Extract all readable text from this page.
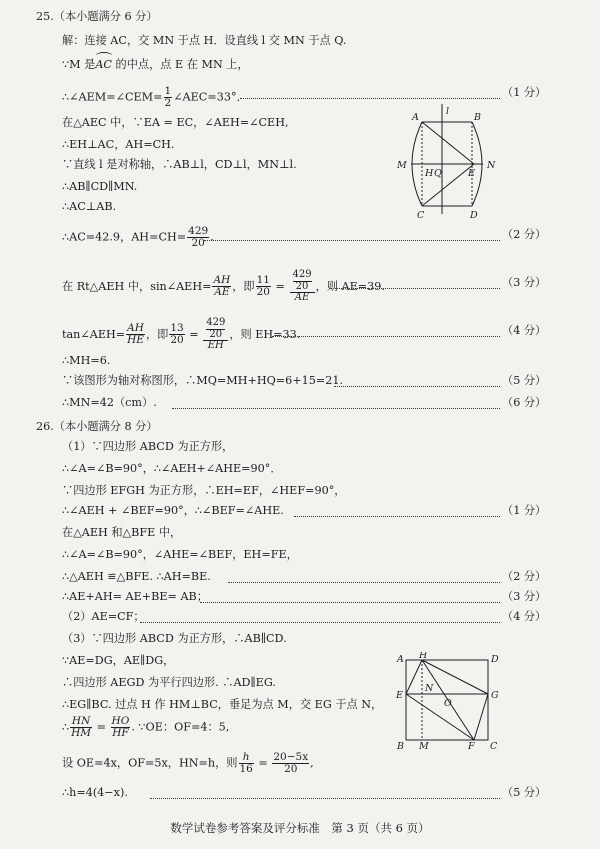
25.（本小题满分 6 分）
解：连接 AC，交 MN 于点 H．设直线 l 交 MN 于点 Q.
∵M 是
AC 的中点，点 E 在 MN 上，
∴∠AEM=∠CEM= $\frac{1}{2}$ ∠AEC=33°．	（1 分）
在△AEC 中，∵EA = EC，∠AEH=∠CEH,
∴EH⊥AC，AH=CH.
∵直线 l 是对称轴，∴AB⊥l，CD⊥l，MN⊥l.
∴AB∥CD∥MN.
∴AC⊥AB.
l
A	B
M
H Q	E
N
C	D
∴AC=42.9，$AH=CH= \frac{429}{20}$ .	（2 分）
在 Rt△AEH 中，sin∠AEH= $\frac{AH}{AE}$ ，即 $\frac{11}{20} = 429$
20
AE，则 AE=39.	（3 分）
tan∠AEH= $\frac{AH}{HE}$ ，即 $\frac{13}{20} = 429$
20
EH，则 EH=33.	（4 分）
∴MH=6.
∵该图形为轴对称图形，∴MQ=MH+HQ=6+15=21.	（5 分）
∴MN=42（cm）.	（6 分）
26.（本小题满分 8 分）
（1）∵四边形 ABCD 为正方形，
∴∠A=∠B=90°，∴∠AEH+∠AHE=90°．
∵四边形 EFGH 为正方形，∴EH=EF，∠HEF=90°，
∴∠AEH + ∠BEF=90°，∴∠BEF=∠AHE.	（1 分）
在△AEH 和△BFE 中，
∴∠A=∠B=90°，∠AHE=∠BEF，EH=FE，
∴△AEH ≌△BFE. ∴AH=BE.	（2 分）
∴AE+AH= AE+BE= AB；	（3 分）
（2）AE=CF；	（4 分）
（3）∵四边形 ABCD 为正方形，∴AB∥CD.
∵AE=DG，AE∥DG，
∴四边形 AEGD 为平行四边形. ∴AD∥EG.
∴EG∥BC. 过点 H 作 HM⊥BC，垂足为点 M，交 EG 于点 N，
∴ $\frac{HN}{HM} = \frac{HO}{HF}$ . ∵OE：OF=4：5,
设 OE=4x，OF=5x，HN=h，则 $\frac{h}{16} = \frac{20-5x}{20}$ ,
∴h=4(4−x).	（5 分）
A H	D
N
E
O
G
B M	F C
数学试卷参考答案及评分标准　第 3 页（共 6 页）
